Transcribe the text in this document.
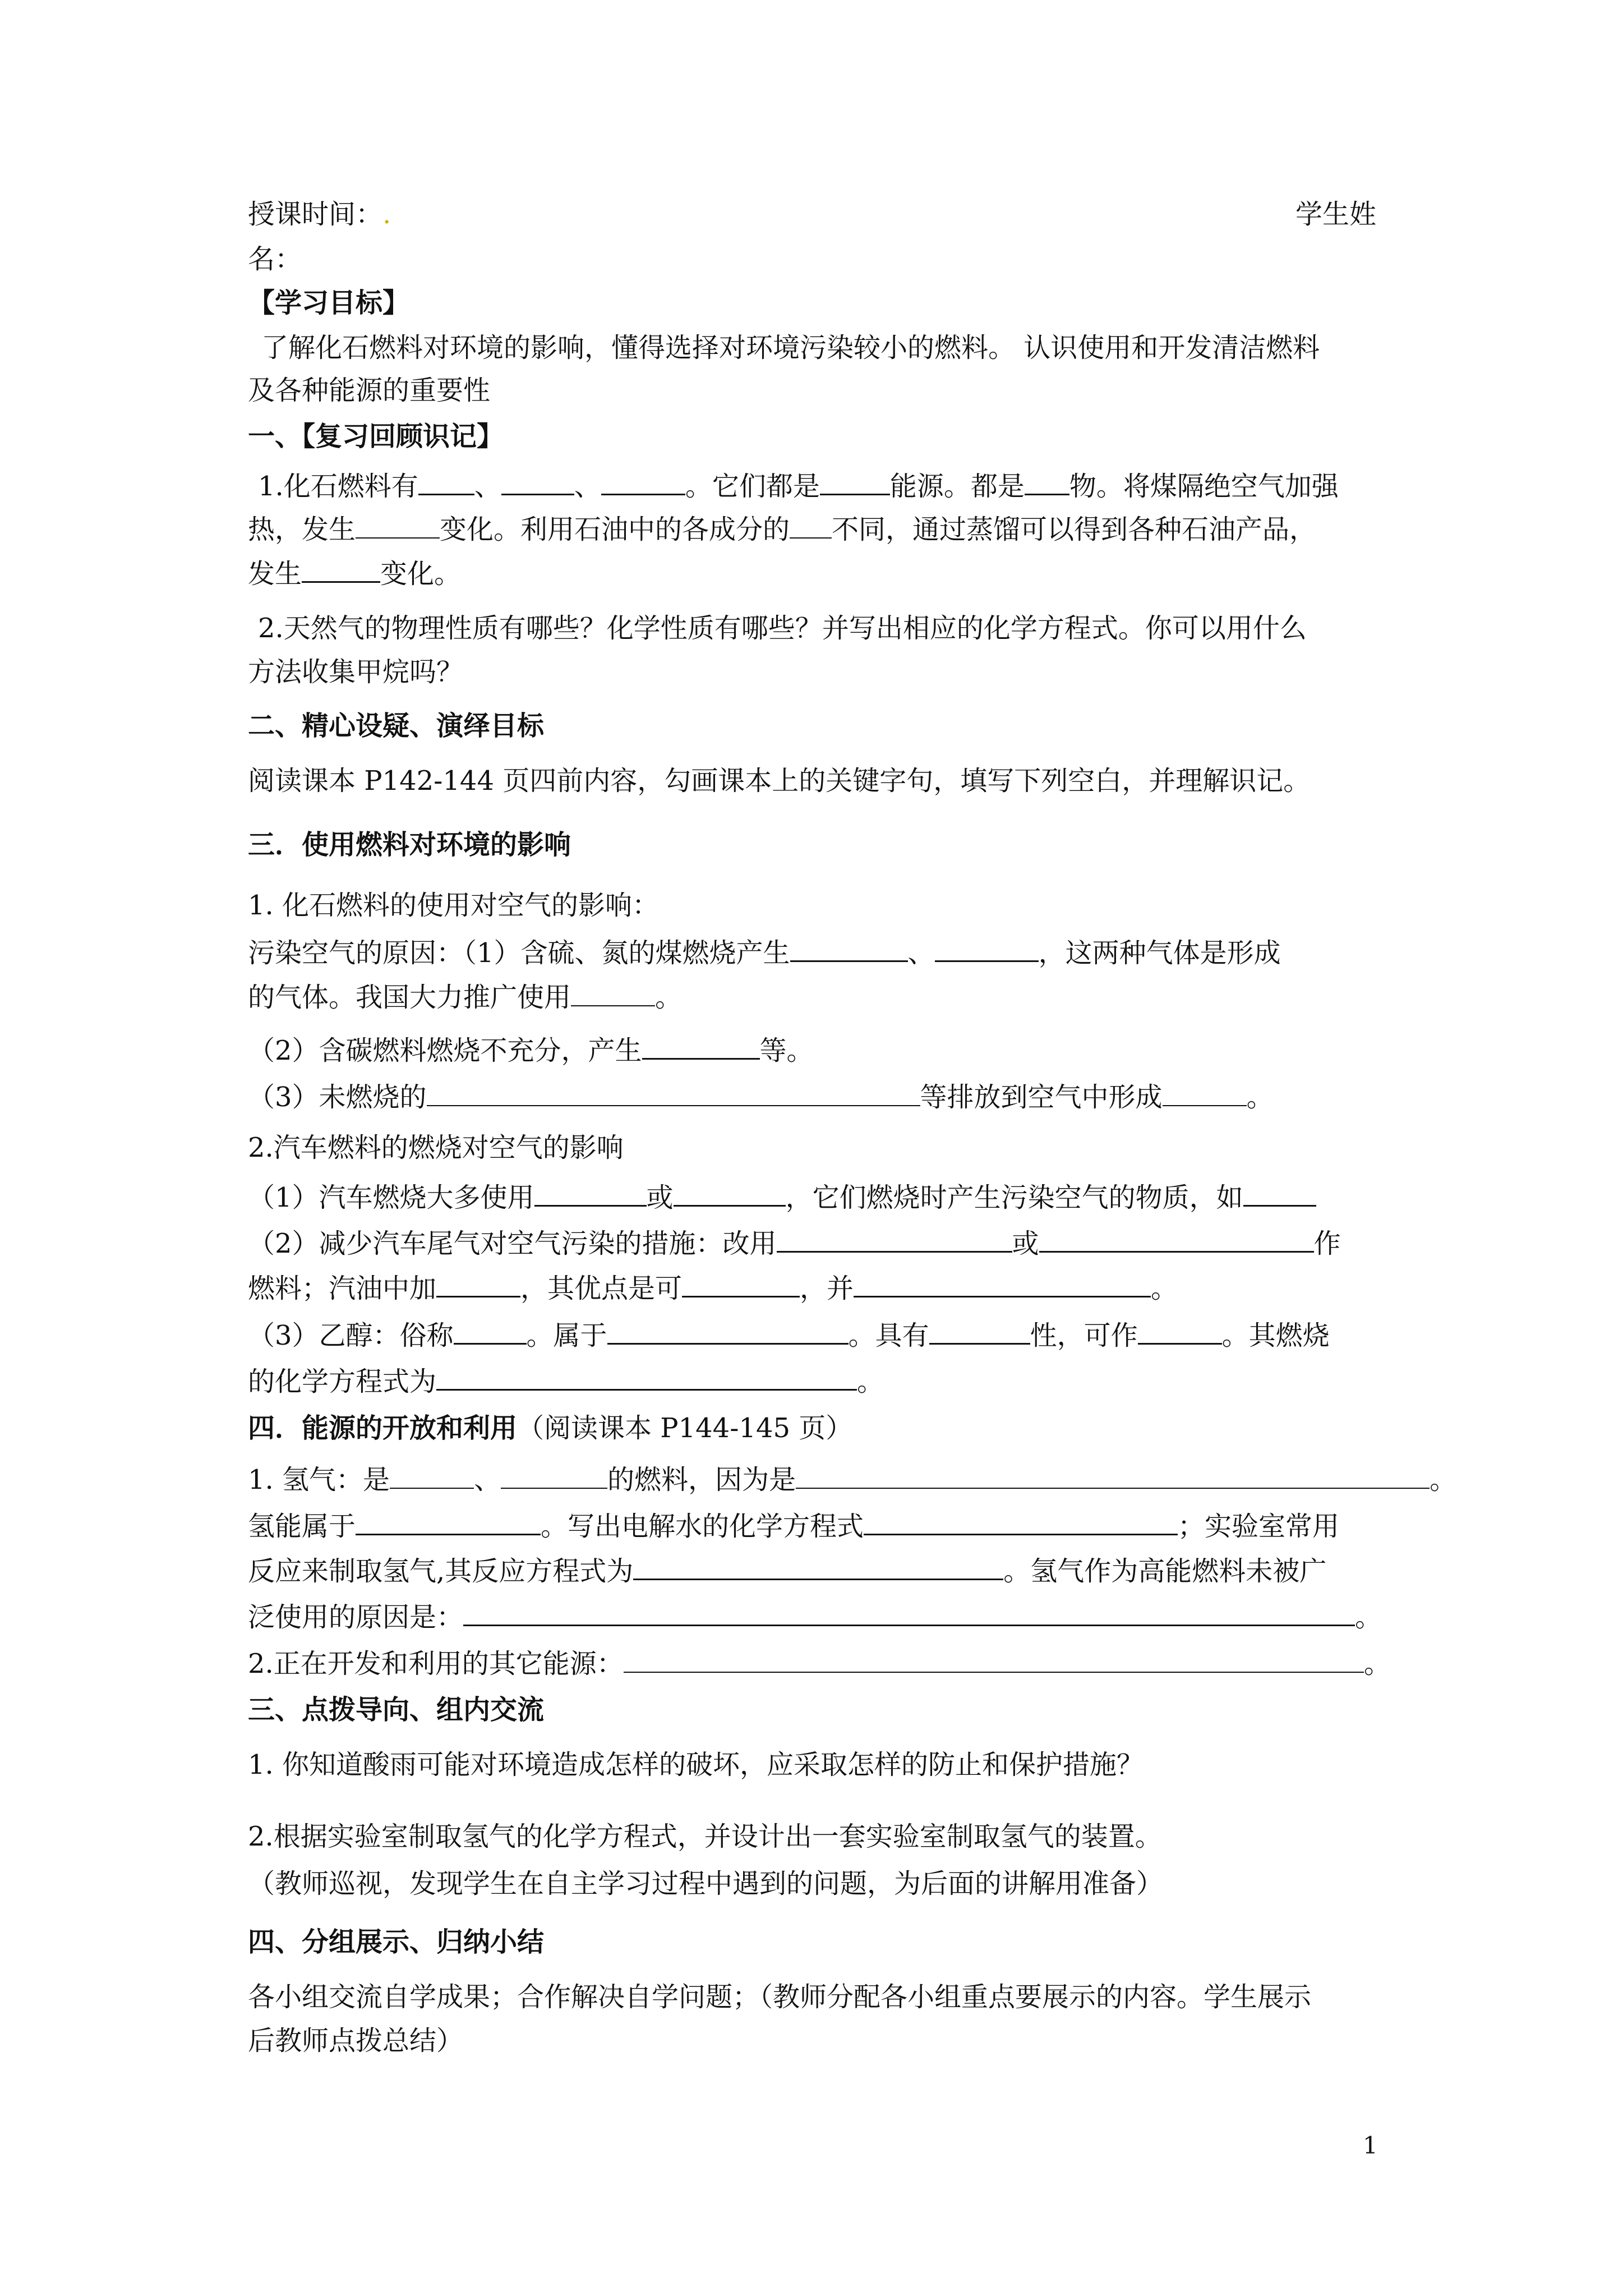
授课时间：.	学生姓
名：
【学习目标】
了解化石燃料对环境的影响，懂得选择对环境污染较小的燃料。 认识使用和开发清洁燃料
及各种能源的重要性
一、【复习回顾识记】
1.化石燃料有 、	、	。它们都是	能源。都是 物。将煤隔绝空气加强
热，发生	变化。利用石油中的各成分的 不同，通过蒸馏可以得到各种石油产品，
发生	变化。
2.天然气的物理性质有哪些？化学性质有哪些？并写出相应的化学方程式。你可以用什么
方法收集甲烷吗？
二、精心设疑、演绎目标
阅读课本 P142-144 页四前内容，勾画课本上的关键字句，填写下列空白，并理解识记。
三．使用燃料对环境的影响
1. 化石燃料的使用对空气的影响：
污染空气的原因：（1）含硫、氮的煤燃烧产生	、	，这两种气体是形成
的气体。我国大力推广使用	。
（2）含碳燃料燃烧不充分，产生	等。
（3）未燃烧的	等排放到空气中形成	。
2.汽车燃料的燃烧对空气的影响
（1）汽车燃烧大多使用	或	，它们燃烧时产生污染空气的物质，如
（2）减少汽车尾气对空气污染的措施：改用	或	作
燃料；汽油中加	，其优点是可	，并	。
（3）乙醇：俗称	。属于	。具有	性，可作	。其燃烧
的化学方程式为	。
四．能源的开放和利用（阅读课本 P144-145 页）
1. 氢气：是	、	的燃料，因为是	。
氢能属于	。写出电解水的化学方程式	；实验室常用
反应来制取氢气,其反应方程式为	。氢气作为高能燃料未被广
泛使用的原因是：	。
2.正在开发和利用的其它能源：	。
三、点拨导向、组内交流
1. 你知道酸雨可能对环境造成怎样的破坏，应采取怎样的防止和保护措施？
2.根据实验室制取氢气的化学方程式，并设计出一套实验室制取氢气的装置。
（教师巡视，发现学生在自主学习过程中遇到的问题，为后面的讲解用准备）
四、分组展示、归纳小结
各小组交流自学成果；合作解决自学问题；（教师分配各小组重点要展示的内容。学生展示
后教师点拨总结）
1
